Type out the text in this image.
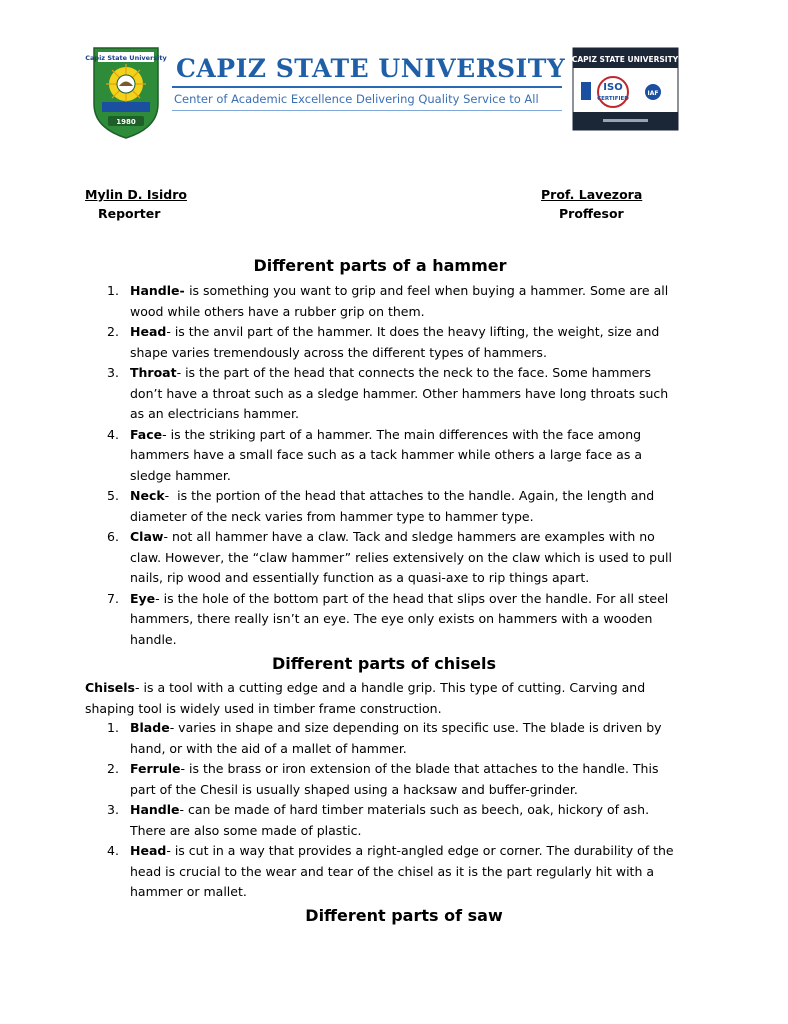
Capiz State University
1980
CAPIZ STATE UNIVERSITY
Center of Academic Excellence Delivering Quality Service to All
CAPIZ STATE UNIVERSITY
ISO
CERTIFIED
IAF
Mylin D. Isidro
Reporter
Prof. Lavezora
Proffesor
Different parts of a hammer
1. Handle- is something you want to grip and feel when buying a hammer. Some are all wood while others have a rubber grip on them.
2. Head- is the anvil part of the hammer. It does the heavy lifting, the weight, size and shape varies tremendously across the different types of hammers.
3. Throat- is the part of the head that connects the neck to the face. Some hammers don’t have a throat such as a sledge hammer. Other hammers have long throats such as an electricians hammer.
4. Face- is the striking part of a hammer. The main differences with the face among hammers have a small face such as a tack hammer while others a large face as a sledge hammer.
5. Neck-  is the portion of the head that attaches to the handle. Again, the length and diameter of the neck varies from hammer type to hammer type.
6. Claw- not all hammer have a claw. Tack and sledge hammers are examples with no claw. However, the “claw hammer” relies extensively on the claw which is used to pull nails, rip wood and essentially function as a quasi-axe to rip things apart.
7. Eye- is the hole of the bottom part of the head that slips over the handle. For all steel hammers, there really isn’t an eye. The eye only exists on hammers with a wooden handle.
Different parts of chisels
Chisels- is a tool with a cutting edge and a handle grip. This type of cutting. Carving and shaping tool is widely used in timber frame construction.
1. Blade- varies in shape and size depending on its specific use. The blade is driven by hand, or with the aid of a mallet of hammer.
2. Ferrule- is the brass or iron extension of the blade that attaches to the handle. This part of the Chesil is usually shaped using a hacksaw and buffer-grinder.
3. Handle- can be made of hard timber materials such as beech, oak, hickory of ash. There are also some made of plastic.
4. Head- is cut in a way that provides a right-angled edge or corner. The durability of the head is crucial to the wear and tear of the chisel as it is the part regularly hit with a hammer or mallet.
Different parts of saw
